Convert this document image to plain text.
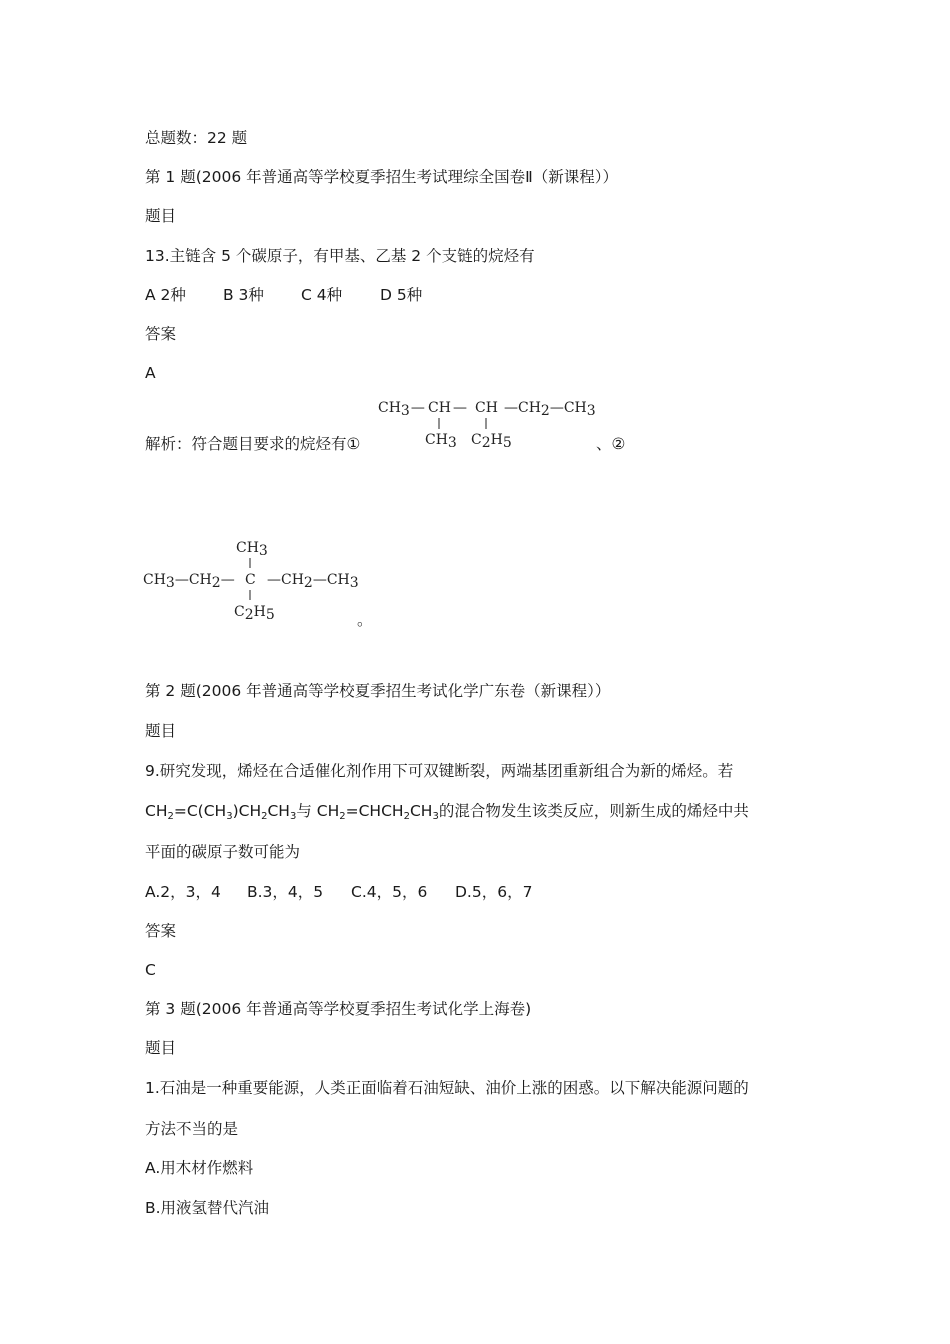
总题数：22 题
第 1 题(2006 年普通高等学校夏季招生考试理综全国卷Ⅱ（新课程））
题目
13.主链含 5 个碳原子，有甲基、乙基 2 个支链的烷烃有
A 2种 B 3种 C 4种 D 5种
答案
A
解析：符合题目要求的烷烃有①
CH3— CH — CH —CH2—CH3
CH3 C2H5	、②
CH3
CH3—CH2— C —CH2—CH3
C2H5	。
第 2 题(2006 年普通高等学校夏季招生考试化学广东卷（新课程））
题目
9.研究发现，烯烃在合适催化剂作用下可双键断裂，两端基团重新组合为新的烯烃。若
$CH_2=C(CH_3)CH_2CH_3$与 $CH_2=CHCH_2CH_3$的混合物发生该类反应，则新生成的烯烃中共
平面的碳原子数可能为
A.2，3，4 B.3，4，5 C.4，5，6 D.5，6，7
答案
C
第 3 题(2006 年普通高等学校夏季招生考试化学上海卷)
题目
1.石油是一种重要能源，人类正面临着石油短缺、油价上涨的困惑。以下解决能源问题的
方法不当的是
A.用木材作燃料
B.用液氢替代汽油
